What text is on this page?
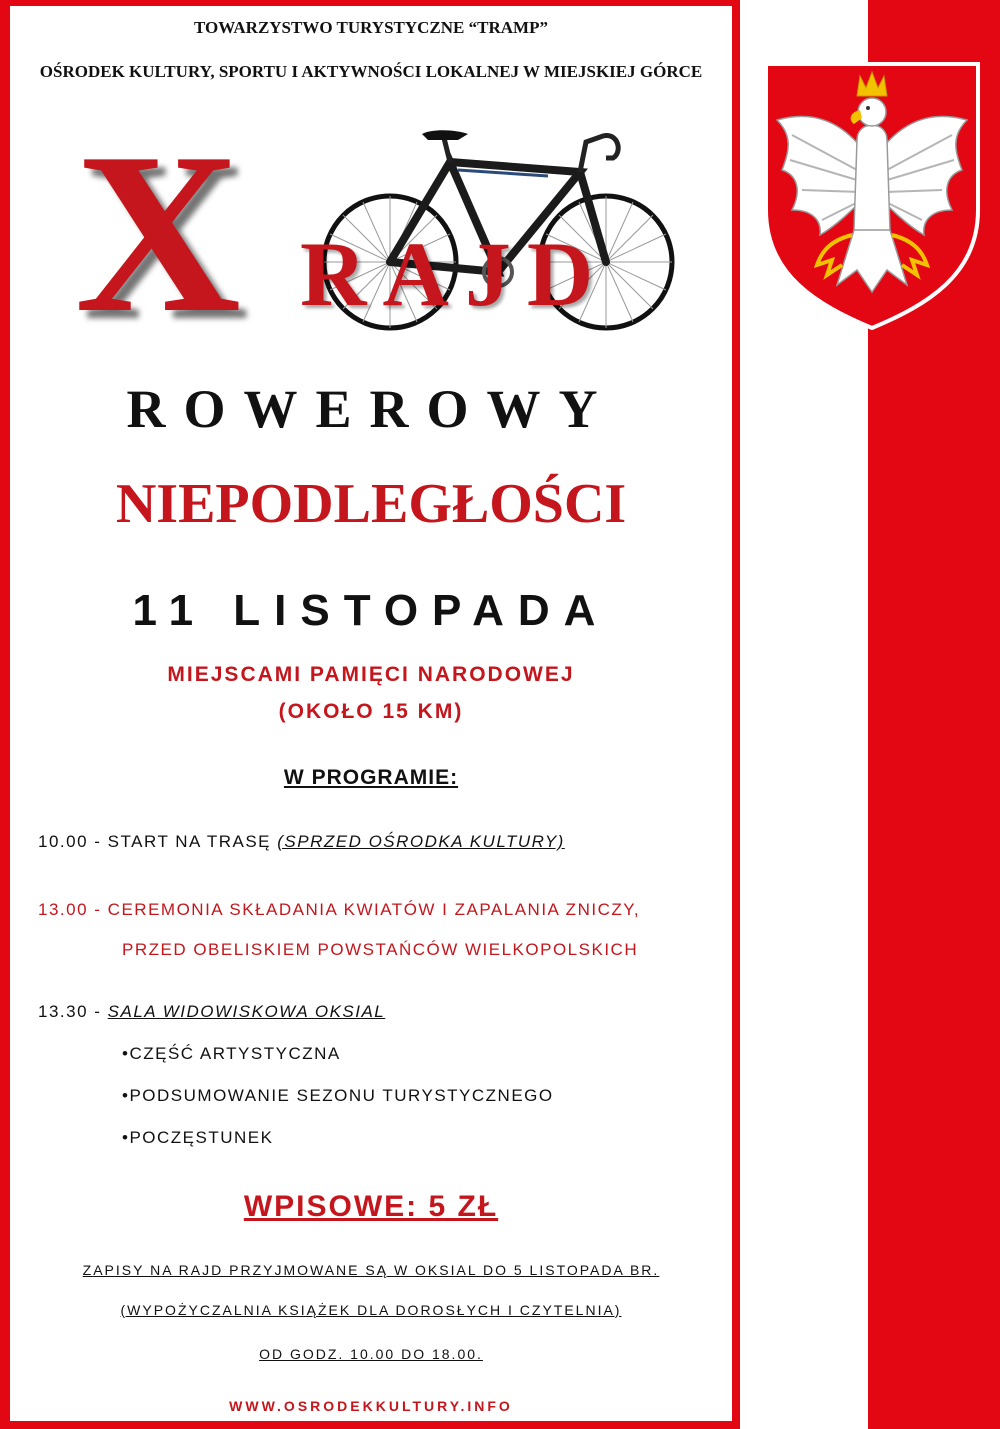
TOWARZYSTWO TURYSTYCZNE “TRAMP”
OŚRODEK KULTURY, SPORTU I AKTYWNOŚCI LOKALNEJ W MIEJSKIEJ GÓRCE
X RAJD
ROWEROWY
NIEPODLEGŁOŚCI
11 LISTOPADA
MIEJSCAMI PAMIĘCI NARODOWEJ
(OKOŁO 15 KM)
W PROGRAMIE:
10.00 - START NA TRASĘ (SPRZED OŚRODKA KULTURY)
13.00 - CEREMONIA SKŁADANIA KWIATÓW I ZAPALANIA ZNICZY,
PRZED OBELISKIEM POWSTAŃCÓW WIELKOPOLSKICH
13.30 - SALA WIDOWISKOWA OKSIAL
•CZĘŚĆ ARTYSTYCZNA
•PODSUMOWANIE SEZONU TURYSTYCZNEGO
•POCZĘSTUNEK
WPISOWE: 5 ZŁ
ZAPISY NA RAJD PRZYJMOWANE SĄ W OKSIAL DO 5 LISTOPADA BR.
(WYPOŻYCZALNIA KSIĄŻEK DLA DOROSŁYCH I CZYTELNIA)
OD GODZ. 10.00 DO 18.00.
WWW.OSRODEKKULTURY.INFO
